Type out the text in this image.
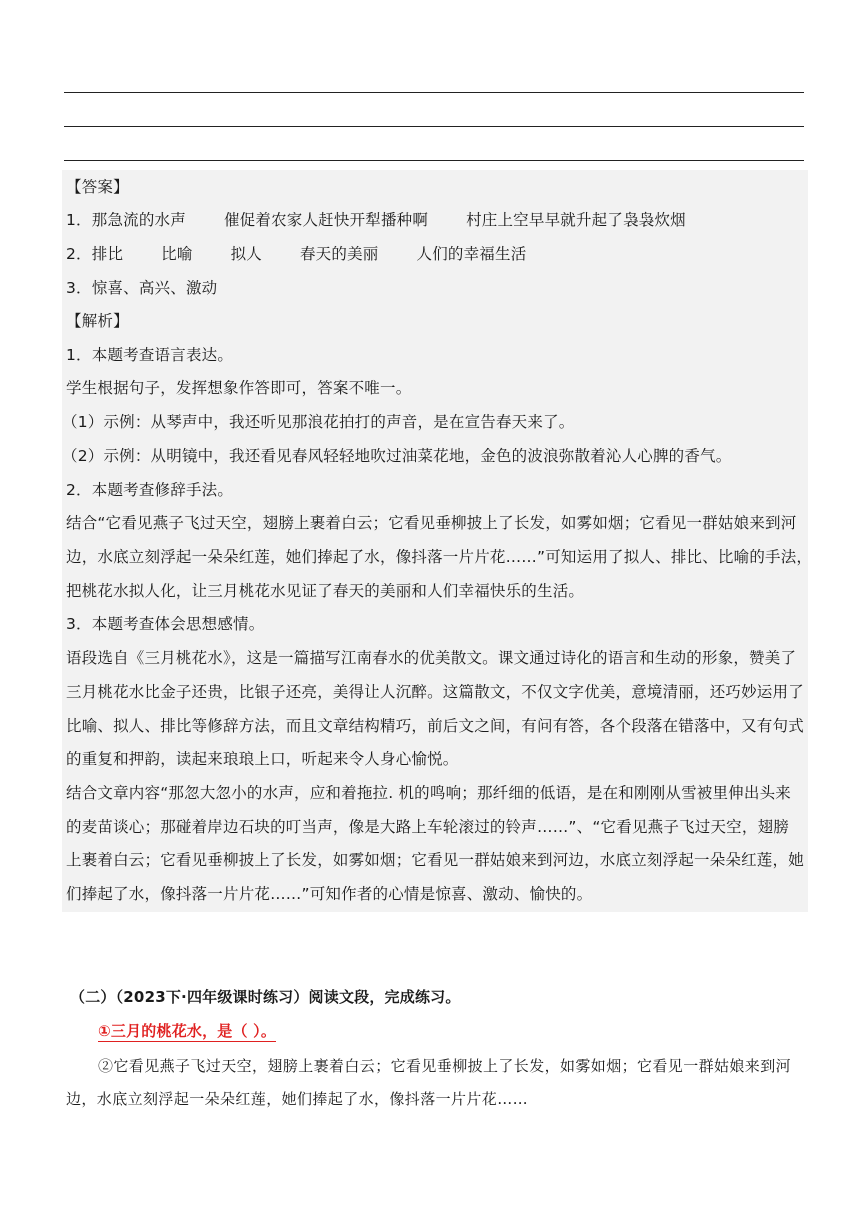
【答案】
1．那急流的水声 催促着农家人赶快开犁播种啊 村庄上空早早就升起了袅袅炊烟
2．排比 比喻 拟人 春天的美丽 人们的幸福生活
3．惊喜、高兴、激动
【解析】
1．本题考查语言表达。
学生根据句子，发挥想象作答即可，答案不唯一。
（1）示例：从琴声中，我还听见那浪花拍打的声音，是在宣告春天来了。
（2）示例：从明镜中，我还看见春风轻轻地吹过油菜花地，金色的波浪弥散着沁人心脾的香气。
2．本题考查修辞手法。
结合“它看见燕子飞过天空，翅膀上裹着白云；它看见垂柳披上了长发，如雾如烟；它看见一群姑娘来到河
边，水底立刻浮起一朵朵红莲，她们捧起了水，像抖落一片片花……”可知运用了拟人、排比、比喻的手法，
把桃花水拟人化，让三月桃花水见证了春天的美丽和人们幸福快乐的生活。
3．本题考查体会思想感情。
语段选自《三月桃花水》，这是一篇描写江南春水的优美散文。课文通过诗化的语言和生动的形象，赞美了
三月桃花水比金子还贵，比银子还亮，美得让人沉醉。这篇散文，不仅文字优美，意境清丽，还巧妙运用了
比喻、拟人、排比等修辞方法，而且文章结构精巧，前后文之间，有问有答，各个段落在错落中，又有句式
的重复和押韵，读起来琅琅上口，听起来令人身心愉悦。
结合文章内容“那忽大忽小的水声，应和着拖拉. 机的鸣响；那纤细的低语，是在和刚刚从雪被里伸出头来
的麦苗谈心；那碰着岸边石块的叮当声，像是大路上车轮滚过的铃声……”、“它看见燕子飞过天空，翅膀
上裹着白云；它看见垂柳披上了长发，如雾如烟；它看见一群姑娘来到河边，水底立刻浮起一朵朵红莲，她
们捧起了水，像抖落一片片花……”可知作者的心情是惊喜、激动、愉快的。
（二）（2023下·四年级课时练习）阅读文段，完成练习。
①三月的桃花水，是（ ）。
②它看见燕子飞过天空，翅膀上裹着白云；它看见垂柳披上了长发，如雾如烟；它看见一群姑娘来到河
边，水底立刻浮起一朵朵红莲，她们捧起了水，像抖落一片片花……
